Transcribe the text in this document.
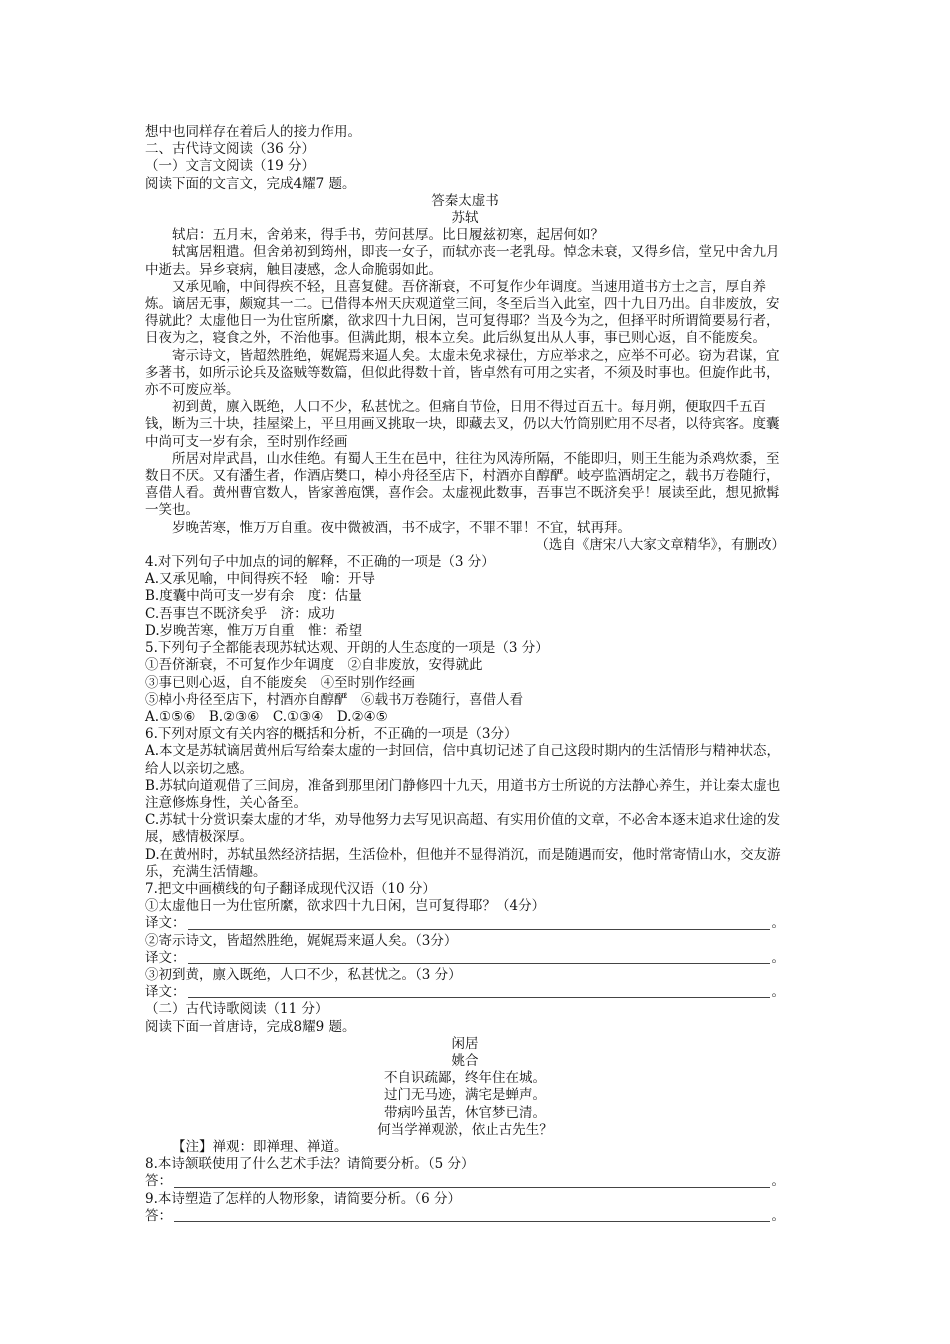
想中也同样存在着后人的接力作用。

二、古代诗文阅读（36 分）

（一）文言文阅读（19 分）

阅读下面的文言文，完成4耀7 题。

答秦太虚书

苏轼

轼启：五月末，舍弟来，得手书，劳问甚厚。比日履兹初寒，起居何如？

轼寓居粗遣。但舍弟初到筠州，即丧一女子，而轼亦丧一老乳母。悼念未衰，又得乡信，堂兄中舍九月中逝去。异乡衰病，触目凄感，念人命脆弱如此。

又承见喻，中间得疾不轻，且喜复健。吾侪渐衰，不可复作少年调度。当速用道书方士之言，厚自养炼。谪居无事，颇窥其一二。已借得本州天庆观道堂三间，冬至后当入此室，四十九日乃出。自非废放，安得就此？太虚他日一为仕宦所縻，欲求四十九日闲，岂可复得耶？当及今为之，但择平时所谓简要易行者，日夜为之，寝食之外，不治他事。但满此期，根本立矣。此后纵复出从人事，事已则心返，自不能废矣。

寄示诗文，皆超然胜绝，娓娓焉来逼人矣。太虚未免求禄仕，方应举求之，应举不可必。窃为君谋，宜多著书，如所示论兵及盗贼等数篇，但似此得数十首，皆卓然有可用之实者，不须及时事也。但旋作此书，亦不可废应举。

初到黄，廪入既绝，人口不少，私甚忧之。但痛自节俭，日用不得过百五十。每月朔，便取四千五百钱，断为三十块，挂屋梁上，平旦用画叉挑取一块，即藏去叉，仍以大竹筒别贮用不尽者，以待宾客。度囊中尚可支一岁有余，至时别作经画

所居对岸武昌，山水佳绝。有蜀人王生在邑中，往往为风涛所隔，不能即归，则王生能为杀鸡炊黍，至数日不厌。又有潘生者，作酒店樊口，棹小舟径至店下，村酒亦自醇酽。岐亭监酒胡定之，载书万卷随行，喜借人看。黄州曹官数人，皆家善庖馔，喜作会。太虚视此数事，吾事岂不既济矣乎！展读至此，想见掀髯一笑也。

岁晚苦寒，惟万万自重。夜中微被酒，书不成字，不罪不罪！不宜，轼再拜。

（选自《唐宋八大家文章精华》，有删改）

4.对下列句子中加点的词的解释，不正确的一项是（3 分）

A.又承见喻，中间得疾不轻　喻：开导

B.度囊中尚可支一岁有余　度：估量

C.吾事岂不既济矣乎　济：成功

D.岁晚苦寒，惟万万自重　惟：希望

5.下列句子全都能表现苏轼达观、开朗的人生态度的一项是（3 分）

①吾侪渐衰，不可复作少年调度　②自非废放，安得就此

③事已则心返，自不能废矣　④至时别作经画

⑤棹小舟径至店下，村酒亦自醇酽　⑥载书万卷随行，喜借人看

A.①⑤⑥　B.②③⑥　C.①③④　D.②④⑤

6.下列对原文有关内容的概括和分析，不正确的一项是（3分）

A.本文是苏轼谪居黄州后写给秦太虚的一封回信，信中真切记述了自己这段时期内的生活情形与精神状态，给人以亲切之感。

B.苏轼向道观借了三间房，准备到那里闭门静修四十九天，用道书方士所说的方法静心养生，并让秦太虚也注意修炼身性，关心备至。

C.苏轼十分赏识秦太虚的才华，劝导他努力去写见识高超、有实用价值的文章，不必舍本逐末追求仕途的发展，感情极深厚。

D.在黄州时，苏轼虽然经济拮据，生活俭朴，但他并不显得消沉，而是随遇而安，他时常寄情山水，交友游乐，充满生活情趣。

7.把文中画横线的句子翻译成现代汉语（10 分）

①太虚他日一为仕宦所縻，欲求四十九日闲，岂可复得耶？（4分）

译文：	。

②寄示诗文，皆超然胜绝，娓娓焉来逼人矣。（3分）

译文：	。

③初到黄，廪入既绝，人口不少，私甚忧之。（3 分）

译文：	。

（二）古代诗歌阅读（11 分）

阅读下面一首唐诗，完成8耀9 题。

闲居

姚合

不自识疏鄙，终年住在城。

过门无马迹，满宅是蝉声。

带病吟虽苦，休官梦已清。

何当学禅观淤，依止古先生？

【注】禅观：即禅理、禅道。

8.本诗颔联使用了什么艺术手法？请简要分析。（5 分）

答：	。

9.本诗塑造了怎样的人物形象，请简要分析。（6 分）

答：	。
